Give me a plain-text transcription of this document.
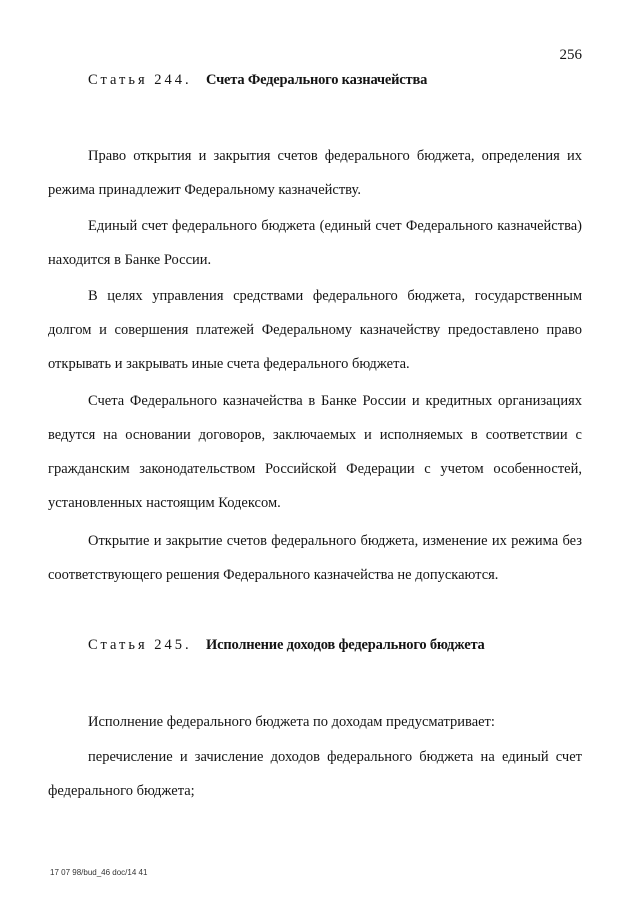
256
Статья 244. Счета Федерального казначейства

Право открытия и закрытия счетов федерального бюджета, определения их режима принадлежит Федеральному казначейству.

Единый счет федерального бюджета (единый счет Федерального казначейства) находится в Банке России.

В целях управления средствами федерального бюджета, государственным долгом и совершения платежей Федеральному казначейству предоставлено право открывать и закрывать иные счета федерального бюджета.

Счета Федерального казначейства в Банке России и кредитных организациях ведутся на основании договоров, заключаемых и исполняемых в соответствии с гражданским законодательством Российской Федерации с учетом особенностей, установленных настоящим Кодексом.

Открытие и закрытие счетов федерального бюджета, изменение их режима без соответствующего решения Федерального казначейства не допускаются.

Статья 245. Исполнение доходов федерального бюджета

Исполнение федерального бюджета по доходам предусматривает:

перечисление и зачисление доходов федерального бюджета на единый счет федерального бюджета;

17 07 98/bud_46 doc/14 41
